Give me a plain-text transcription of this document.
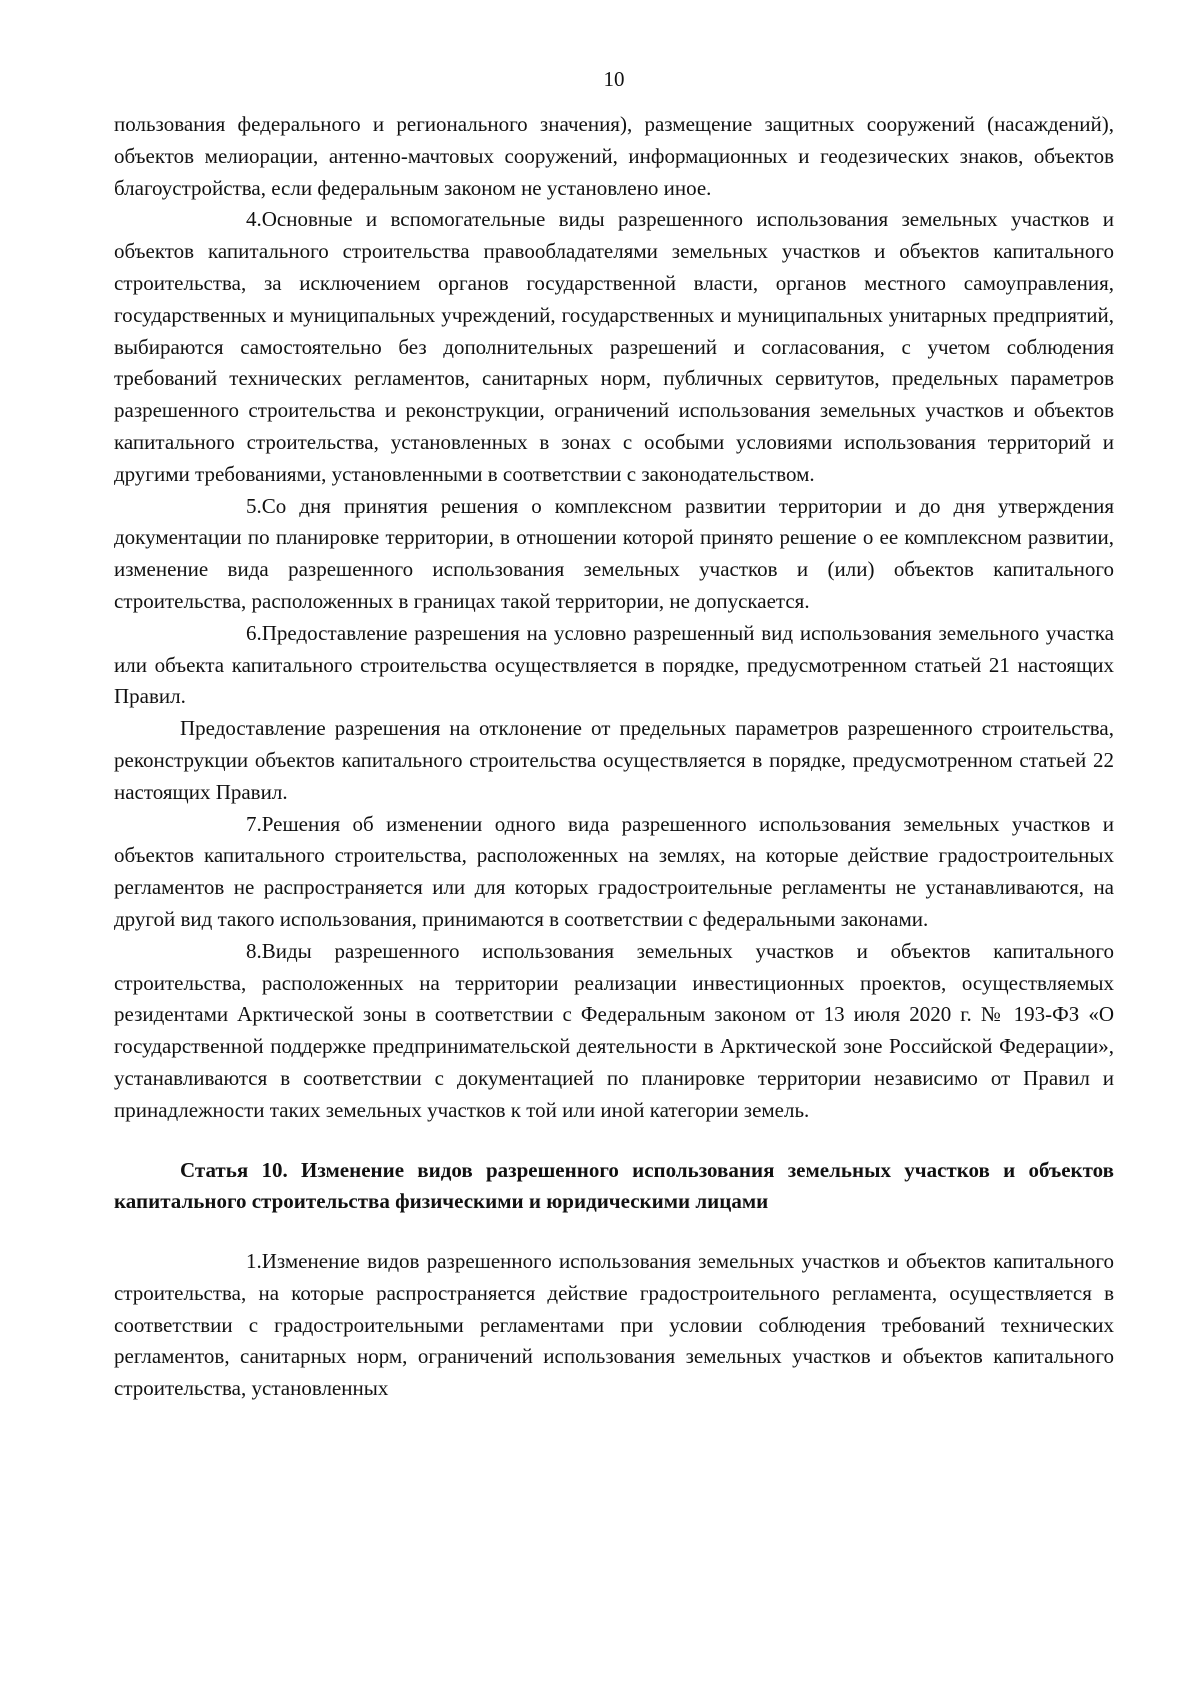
10

пользования федерального и регионального значения), размещение защитных сооружений (насаждений), объектов мелиорации, антенно-мачтовых сооружений, информационных и геодезических знаков, объектов благоустройства, если федеральным законом не установлено иное.

4.Основные и вспомогательные виды разрешенного использования земельных участков и объектов капитального строительства правообладателями земельных участков и объектов капитального строительства, за исключением органов государственной власти, органов местного самоуправления, государственных и муниципальных учреждений, государственных и муниципальных унитарных предприятий, выбираются самостоятельно без дополнительных разрешений и согласования, с учетом соблюдения требований технических регламентов, санитарных норм, публичных сервитутов, предельных параметров разрешенного строительства и реконструкции, ограничений использования земельных участков и объектов капитального строительства, установленных в зонах с особыми условиями использования территорий и другими требованиями, установленными в соответствии с законодательством.

5.Со дня принятия решения о комплексном развитии территории и до дня утверждения документации по планировке территории, в отношении которой принято решение о ее комплексном развитии, изменение вида разрешенного использования земельных участков и (или) объектов капитального строительства, расположенных в границах такой территории, не допускается.

6.Предоставление разрешения на условно разрешенный вид использования земельного участка или объекта капитального строительства осуществляется в порядке, предусмотренном статьей 21 настоящих Правил.

Предоставление разрешения на отклонение от предельных параметров разрешенного строительства, реконструкции объектов капитального строительства осуществляется в порядке, предусмотренном статьей 22 настоящих Правил.

7.Решения об изменении одного вида разрешенного использования земельных участков и объектов капитального строительства, расположенных на землях, на которые действие градостроительных регламентов не распространяется или для которых градостроительные регламенты не устанавливаются, на другой вид такого использования, принимаются в соответствии с федеральными законами.

8.Виды разрешенного использования земельных участков и объектов капитального строительства, расположенных на территории реализации инвестиционных проектов, осуществляемых резидентами Арктической зоны в соответствии с Федеральным законом от 13 июля 2020 г. № 193-ФЗ «О государственной поддержке предпринимательской деятельности в Арктической зоне Российской Федерации», устанавливаются в соответствии с документацией по планировке территории независимо от Правил и принадлежности таких земельных участков к той или иной категории земель.

Статья 10. Изменение видов разрешенного использования земельных участков и объектов капитального строительства физическими и юридическими лицами

1.Изменение видов разрешенного использования земельных участков и объектов капитального строительства, на которые распространяется действие градостроительного регламента, осуществляется в соответствии с градостроительными регламентами при условии соблюдения требований технических регламентов, санитарных норм, ограничений использования земельных участков и объектов капитального строительства, установленных
